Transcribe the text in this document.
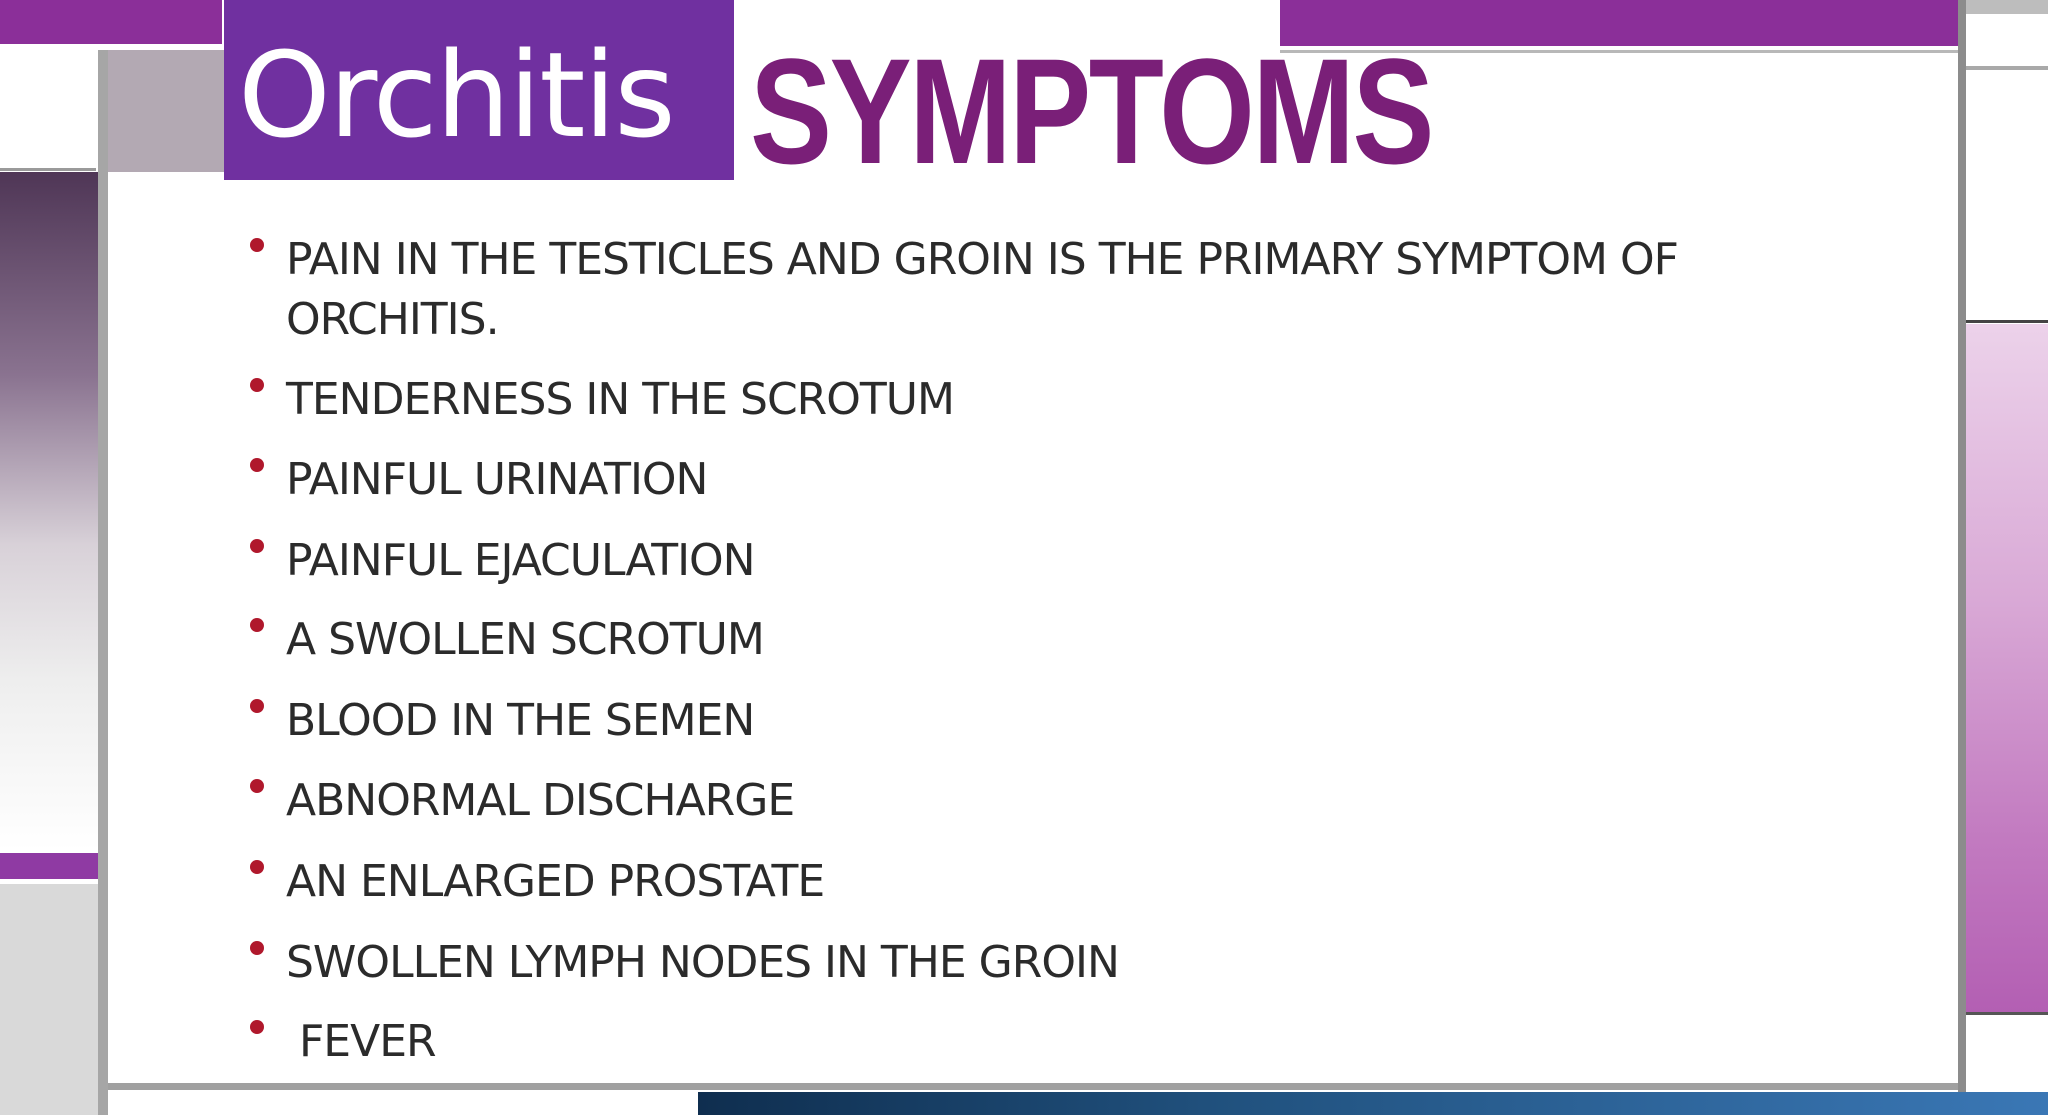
Orchitis SYMPTOMS
PAIN IN THE TESTICLES AND GROIN IS THE PRIMARY SYMPTOM OF ORCHITIS.
TENDERNESS IN THE SCROTUM
PAINFUL URINATION
PAINFUL EJACULATION
A SWOLLEN SCROTUM
BLOOD IN THE SEMEN
ABNORMAL DISCHARGE
AN ENLARGED PROSTATE
SWOLLEN LYMPH NODES IN THE GROIN
FEVER
